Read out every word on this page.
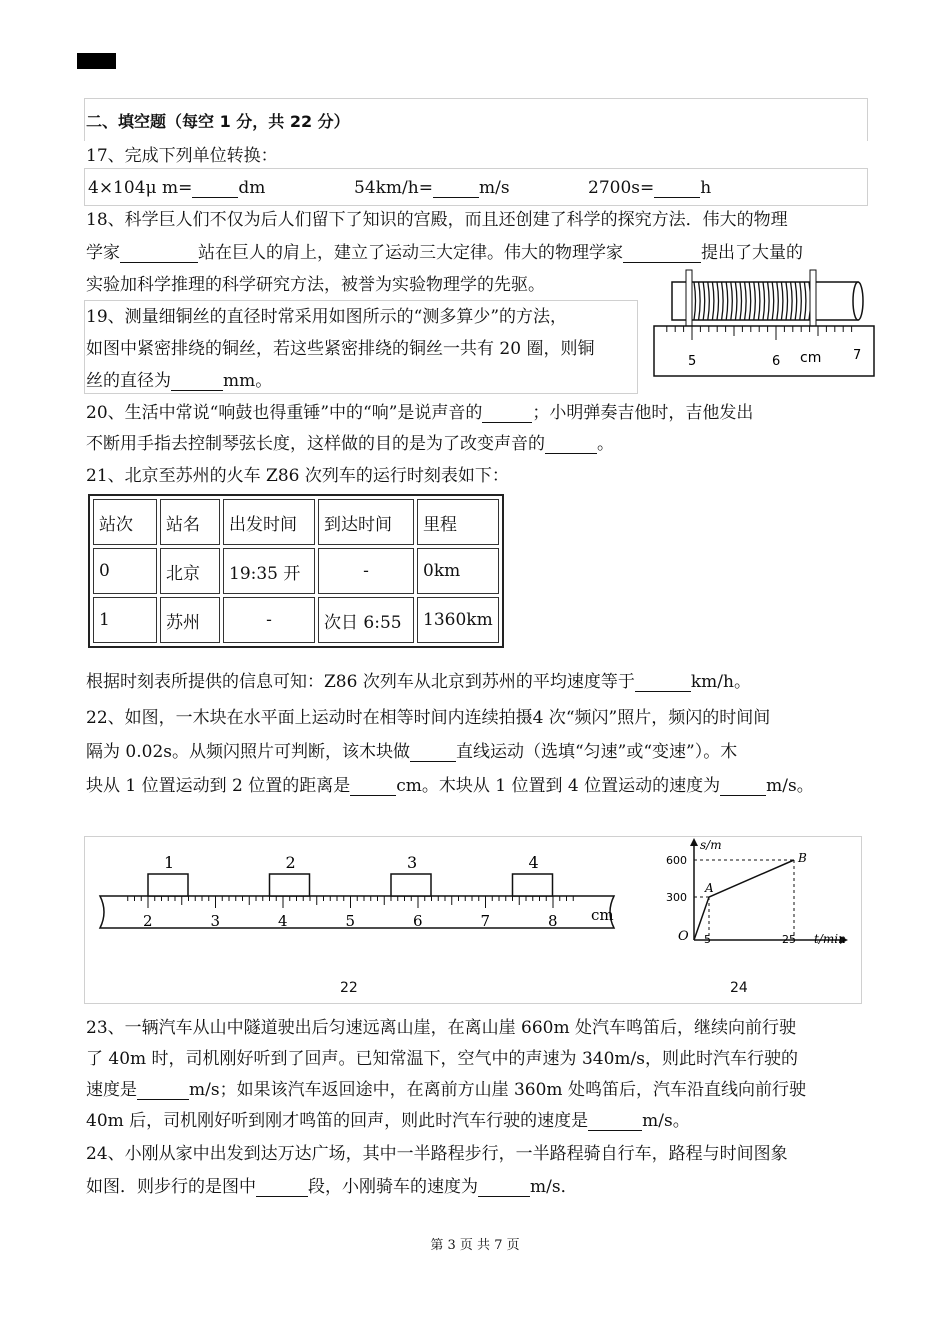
二、填空题（每空 1 分，共 22 分）
17、完成下列单位转换：
4×104μ m=	dm	54km/h=	m/s	2700s=	h
18、科学巨人们不仅为后人们留下了知识的宫殿，而且还创建了科学的探究方法．伟大的物理
学家	站在巨人的肩上，建立了运动三大定律。伟大的物理学家	提出了大量的
实验加科学推理的科学研究方法，被誉为实验物理学的先驱。
19、测量细铜丝的直径时常采用如图所示的“测多算少”的方法，
如图中紧密排绕的铜丝，若这些紧密排绕的铜丝一共有 20 圈，则铜
丝的直径为	mm。
5	6 cm 7
20、生活中常说“响鼓也得重锤”中的“响”是说声音的	；小明弹奏吉他时，吉他发出
不断用手指去控制琴弦长度，这样做的目的是为了改变声音的	。
21、北京至苏州的火车 Z86 次列车的运行时刻表如下：
站次	站名	出发时间	到达时间	里程
0	北京	19:35 开	-	0km
1	苏州	-	次日 6:55	1360km
根据时刻表所提供的信息可知：Z86 次列车从北京到苏州的平均速度等于	km/h。
22、如图，一木块在水平面上运动时在相等时间内连续拍摄4 次“频闪”照片，频闪的时间间
隔为 0.02s。从频闪照片可判断，该木块做	直线运动（选填“匀速”或“变速”）。木
块从 1 位置运动到 2 位置的距离是	cm。木块从 1 位置到 4 位置运动的速度为	m/s。
1	2	3	4
2	3	4	5	6	7	8 cm
22
s/m
t/min
O
600
300
5	25
A
B
24
23、一辆汽车从山中隧道驶出后匀速远离山崖，在离山崖 660m 处汽车鸣笛后，继续向前行驶
了 40m 时，司机刚好听到了回声。已知常温下，空气中的声速为 340m/s，则此时汽车行驶的
速度是	m/s；如果该汽车返回途中，在离前方山崖 360m 处鸣笛后，汽车沿直线向前行驶
40m 后，司机刚好听到刚才鸣笛的回声，则此时汽车行驶的速度是	m/s。
24、小刚从家中出发到达万达广场，其中一半路程步行，一半路程骑自行车，路程与时间图象
如图．则步行的是图中	段，小刚骑车的速度为	m/s．
第 3 页 共 7 页
